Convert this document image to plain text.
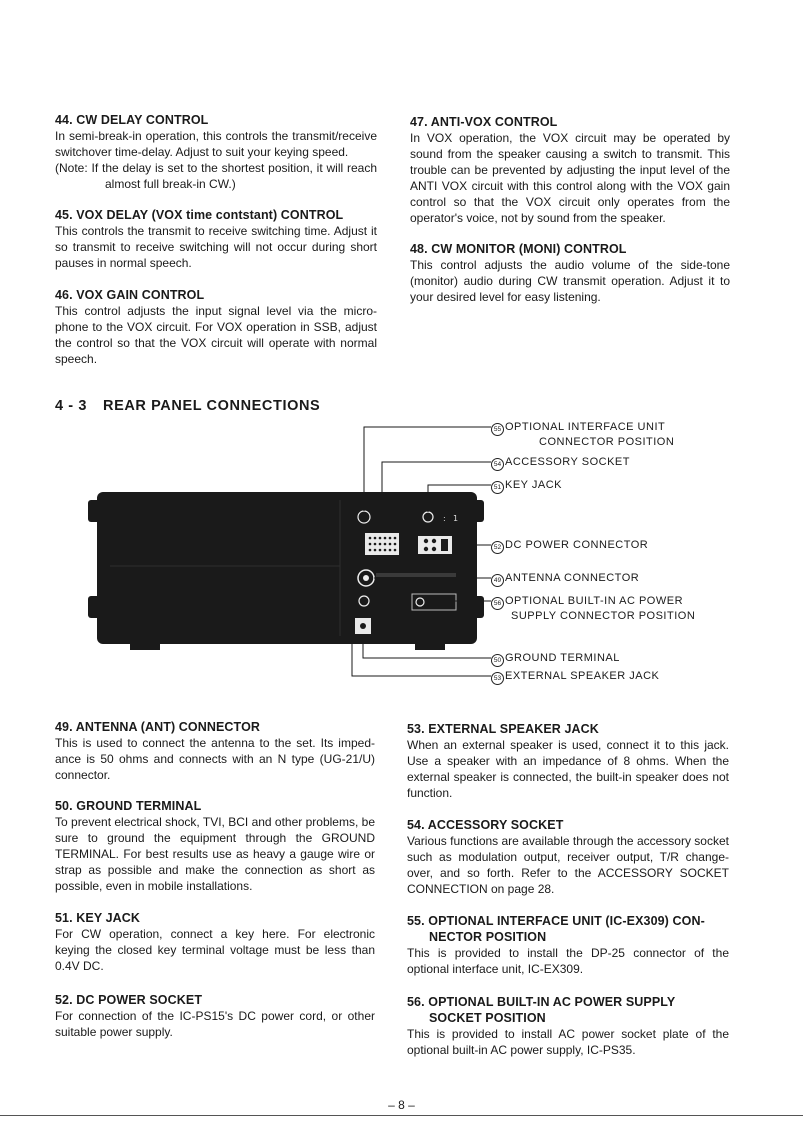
44. CW DELAY CONTROL

In semi-break-in operation, this controls the transmit/receive switchover time-delay. Adjust to suit your keying speed.

(Note: If the delay is set to the shortest position, it will reach almost full break-in CW.)

45. VOX DELAY (VOX time contstant) CONTROL

This controls the transmit to receive switching time. Adjust it so transmit to receive switching will not occur during short pauses in normal speech.

46. VOX GAIN CONTROL

This control adjusts the input signal level via the micro-phone to the VOX circuit. For VOX operation in SSB, adjust the control so that the VOX circuit will operate with normal speech.

47. ANTI-VOX CONTROL

In VOX operation, the VOX circuit may be operated by sound from the speaker causing a switch to transmit. This trouble can be prevented by adjusting the input level of the ANTI VOX circuit with this control along with the VOX gain control so that the VOX circuit only operates from the operator's voice, not by sound from the speaker.

48. CW MONITOR (MONI) CONTROL

This control adjusts the audio volume of the side-tone (monitor) audio during CW transmit operation. Adjust it to your desired level for easy listening.

4 - 3 REAR PANEL CONNECTIONS
: 1
55 OPTIONAL INTERFACE UNIT
CONNECTOR POSITION
54 ACCESSORY SOCKET
51 KEY JACK
52 DC POWER CONNECTOR
49 ANTENNA CONNECTOR
56 OPTIONAL BUILT-IN AC POWER
SUPPLY CONNECTOR POSITION
50 GROUND TERMINAL
53 EXTERNAL SPEAKER JACK
49. ANTENNA (ANT) CONNECTOR

This is used to connect the antenna to the set. Its imped-ance is 50 ohms and connects with an N type (UG-21/U) connector.

50. GROUND TERMINAL

To prevent electrical shock, TVI, BCI and other problems, be sure to ground the equipment through the GROUND TERMINAL. For best results use as heavy a gauge wire or strap as possible and make the connection as short as possible, even in mobile installations.

51. KEY JACK

For CW operation, connect a key here. For electronic keying the closed key terminal voltage must be less than 0.4V DC.

52. DC POWER SOCKET

For connection of the IC-PS15's DC power cord, or other suitable power supply.

53. EXTERNAL SPEAKER JACK

When an external speaker is used, connect it to this jack. Use a speaker with an impedance of 8 ohms. When the external speaker is connected, the built-in speaker does not function.

54. ACCESSORY SOCKET

Various functions are available through the accessory socket such as modulation output, receiver output, T/R change-over, and so forth. Refer to the ACCESSORY SOCKET CONNECTION on page 28.

55. OPTIONAL INTERFACE UNIT (IC-EX309) CON-
NECTOR POSITION

This is provided to install the DP-25 connector of the optional interface unit, IC-EX309.

56. OPTIONAL BUILT-IN AC POWER SUPPLY
SOCKET POSITION

This is provided to install AC power socket plate of the optional built-in AC power supply, IC-PS35.

– 8 –
